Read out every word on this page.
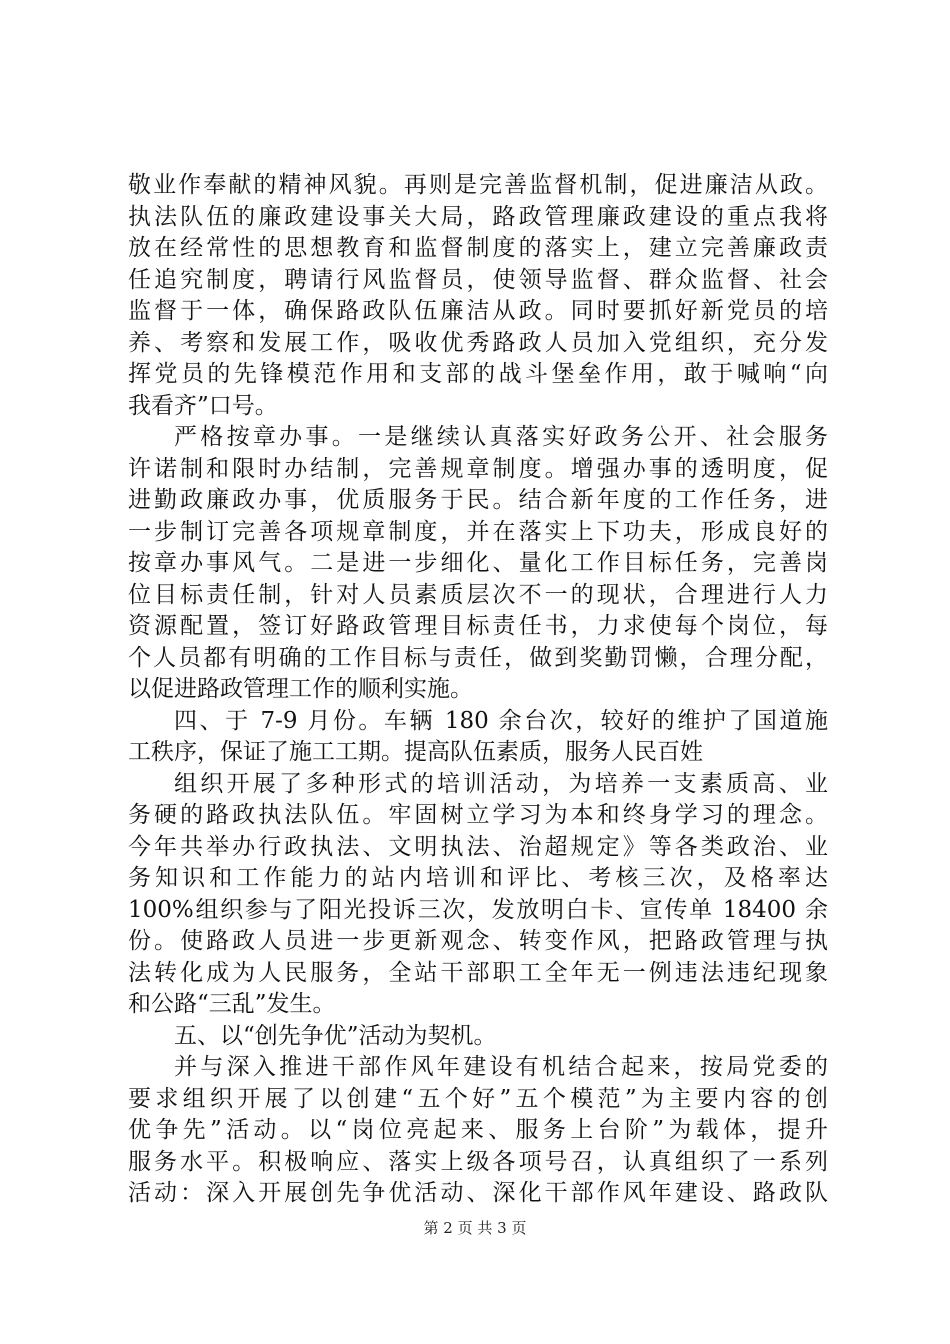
敬业作奉献的精神风貌。再则是完善监督机制，促进廉洁从政。
执法队伍的廉政建设事关大局，路政管理廉政建设的重点我将
放在经常性的思想教育和监督制度的落实上，建立完善廉政责
任追究制度，聘请行风监督员，使领导监督、群众监督、社会
监督于一体，确保路政队伍廉洁从政。同时要抓好新党员的培
养、考察和发展工作，吸收优秀路政人员加入党组织，充分发
挥党员的先锋模范作用和支部的战斗堡垒作用，敢于喊响“向
我看齐”口号。
严格按章办事。一是继续认真落实好政务公开、社会服务
许诺制和限时办结制，完善规章制度。增强办事的透明度，促
进勤政廉政办事，优质服务于民。结合新年度的工作任务，进
一步制订完善各项规章制度，并在落实上下功夫，形成良好的
按章办事风气。二是进一步细化、量化工作目标任务，完善岗
位目标责任制，针对人员素质层次不一的现状，合理进行人力
资源配置，签订好路政管理目标责任书，力求使每个岗位，每
个人员都有明确的工作目标与责任，做到奖勤罚懒，合理分配，
以促进路政管理工作的顺利实施。
四、于 7-9 月份。车辆 180 余台次，较好的维护了国道施
工秩序，保证了施工工期。提高队伍素质，服务人民百姓
组织开展了多种形式的培训活动，为培养一支素质高、业
务硬的路政执法队伍。牢固树立学习为本和终身学习的理念。
今年共举办行政执法、文明执法、治超规定》等各类政治、业
务知识和工作能力的站内培训和评比、考核三次，及格率达
100%组织参与了阳光投诉三次，发放明白卡、宣传单 18400 余
份。使路政人员进一步更新观念、转变作风，把路政管理与执
法转化成为人民服务，全站干部职工全年无一例违法违纪现象
和公路“三乱”发生。
五、以“创先争优”活动为契机。
并与深入推进干部作风年建设有机结合起来，按局党委的
要求组织开展了以创建“五个好”五个模范”为主要内容的创
优争先”活动。以“岗位亮起来、服务上台阶”为载体，提升
服务水平。积极响应、落实上级各项号召，认真组织了一系列
活动：深入开展创先争优活动、深化干部作风年建设、路政队
第 2 页 共 3 页
